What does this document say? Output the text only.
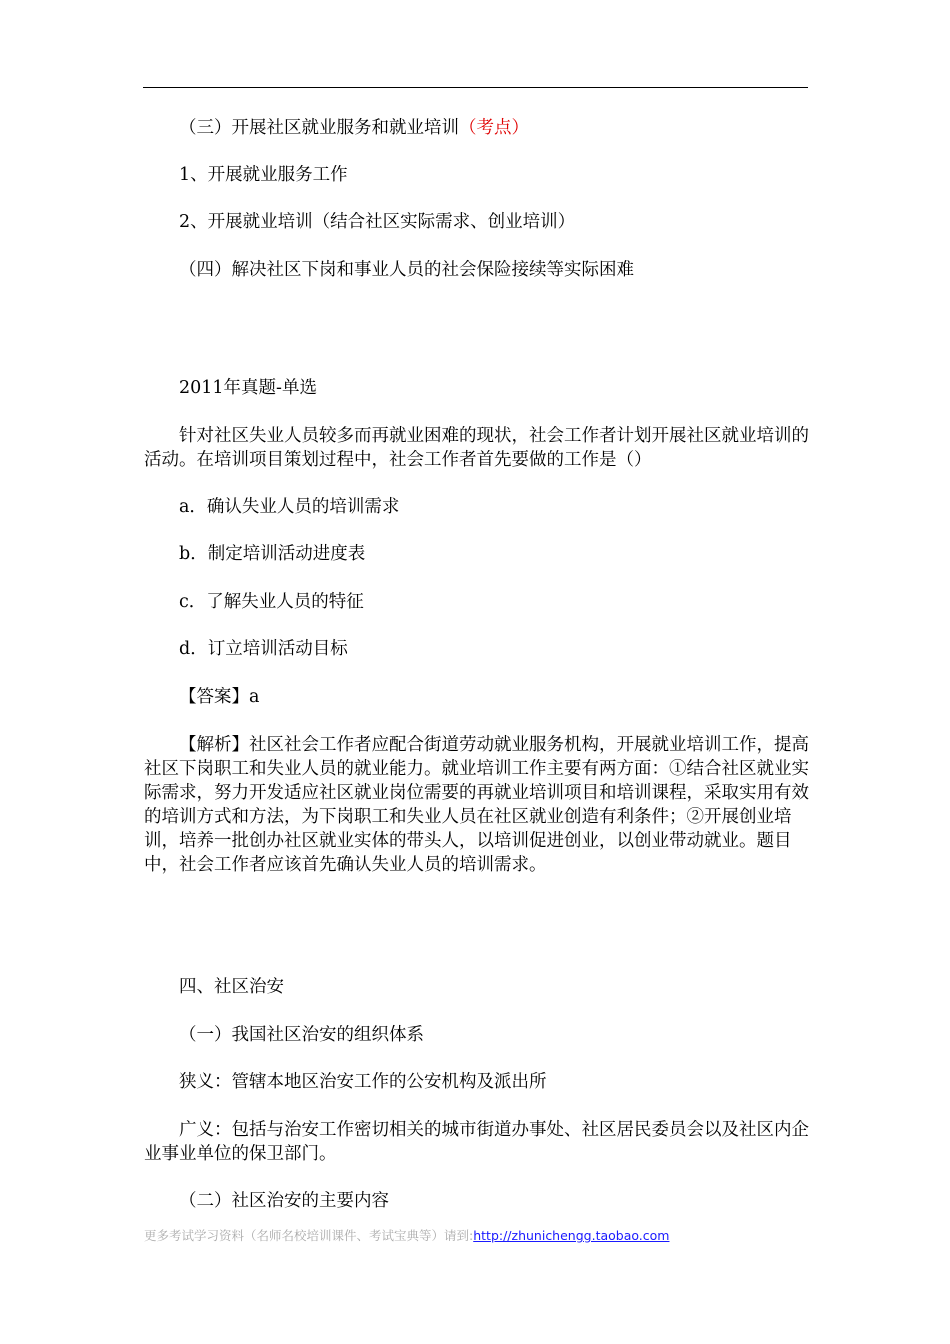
（三）开展社区就业服务和就业培训（考点）

1、开展就业服务工作

2、开展就业培训（结合社区实际需求、创业培训）

（四）解决社区下岗和事业人员的社会保险接续等实际困难

2011年真题-单选

针对社区失业人员较多而再就业困难的现状，社会工作者计划开展社区就业培训的活动。在培训项目策划过程中，社会工作者首先要做的工作是（）

a．确认失业人员的培训需求

b．制定培训活动进度表

c．了解失业人员的特征

d．订立培训活动目标

【答案】a

【解析】社区社会工作者应配合街道劳动就业服务机构，开展就业培训工作，提高社区下岗职工和失业人员的就业能力。就业培训工作主要有两方面：①结合社区就业实际需求，努力开发适应社区就业岗位需要的再就业培训项目和培训课程，采取实用有效的培训方式和方法，为下岗职工和失业人员在社区就业创造有利条件；②开展创业培训，培养一批创办社区就业实体的带头人，以培训促进创业，以创业带动就业。题目中，社会工作者应该首先确认失业人员的培训需求。

四、社区治安

（一）我国社区治安的组织体系

狭义：管辖本地区治安工作的公安机构及派出所

广义：包括与治安工作密切相关的城市街道办事处、社区居民委员会以及社区内企业事业单位的保卫部门。

（二）社区治安的主要内容

更多考试学习资料（名师名校培训课件、考试宝典等）请到:http://zhunichengg.taobao.com
